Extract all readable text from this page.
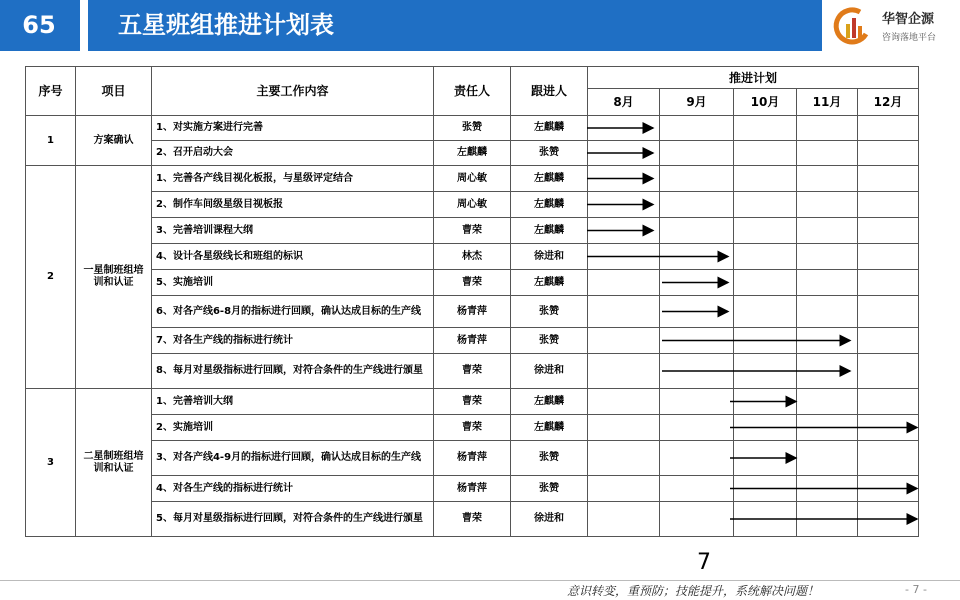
65	五星班组推进计划表	华智企源
咨询落地平台
序号	项目	主要工作内容	责任人	跟进人	推进计划				
					8月	9月	10月	11月	12月
1	方案确认	1、对实施方案进行完善	张赞	左麒麟					
		2、召开启动大会	左麒麟	张赞					
2	一星制班组培训和认证	1、完善各产线目视化板报，与星级评定结合	周心敏	左麒麟					
		2、制作车间级星级目视板报	周心敏	左麒麟					
		3、完善培训课程大纲	曹荣	左麒麟					
		4、设计各星级线长和班组的标识	林杰	徐进和					
		5、实施培训	曹荣	左麒麟					
		6、对各产线6-8月的指标进行回顾，确认达成目标的生产线	杨青萍	张赞					
		7、对各生产线的指标进行统计	杨青萍	张赞					
		8、每月对星级指标进行回顾，对符合条件的生产线进行颁星	曹荣	徐进和					
3	二星制班组培训和认证	1、完善培训大纲	曹荣	左麒麟					
		2、实施培训	曹荣	左麒麟					
		3、对各产线4-9月的指标进行回顾，确认达成目标的生产线	杨青萍	张赞					
		4、对各生产线的指标进行统计	杨青萍	张赞					
		5、每月对星级指标进行回顾，对符合条件的生产线进行颁星	曹荣	徐进和					
7
意识转变，重预防；技能提升，系统解决问题！	- 7 -
